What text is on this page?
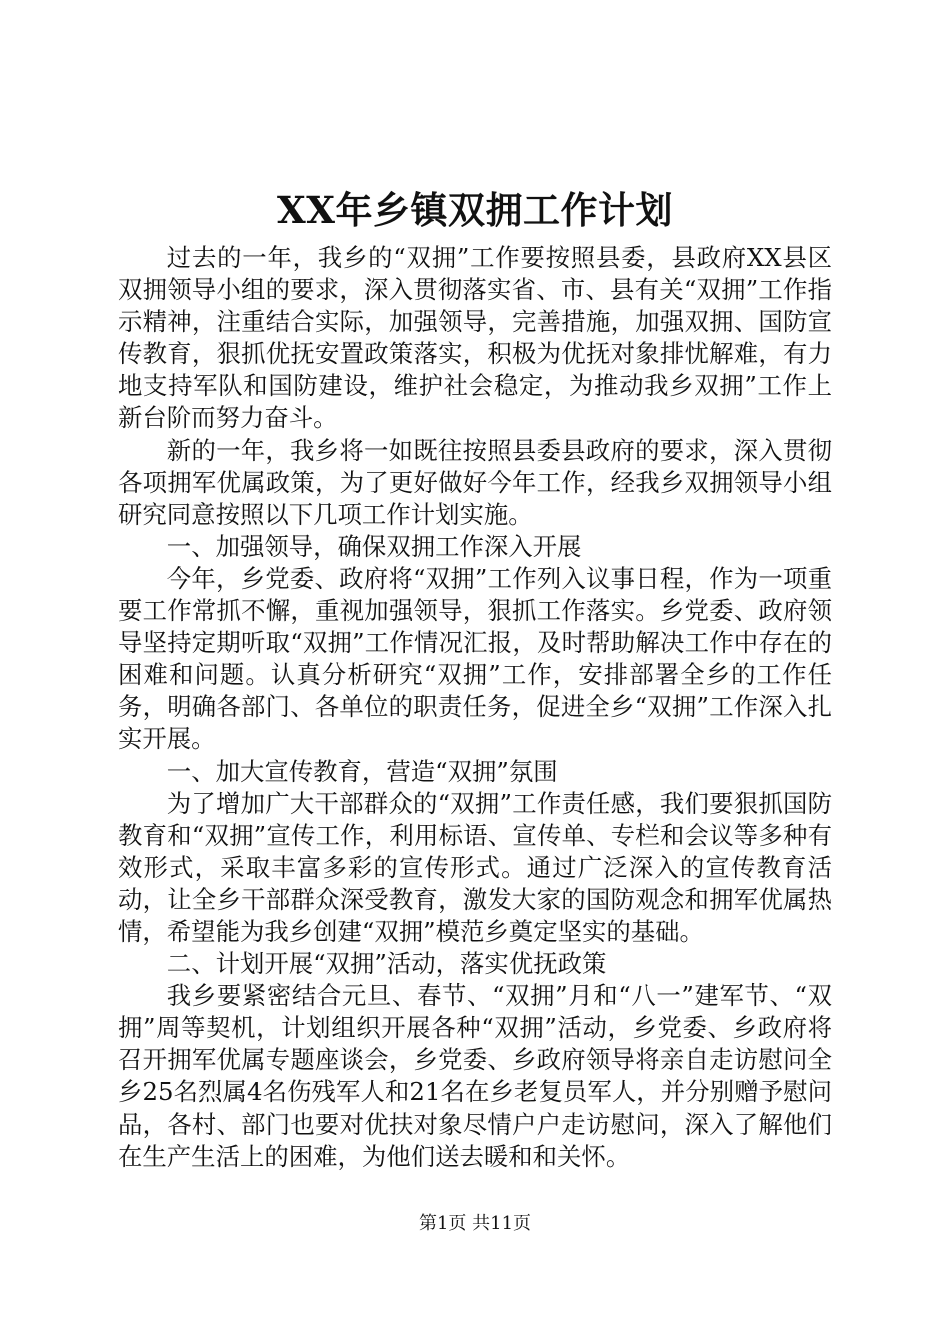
XX年乡镇双拥工作计划

过去的一年，我乡的“双拥”工作要按照县委，县政府XX县区双拥领导小组的要求，深入贯彻落实省、市、县有关“双拥”工作指示精神，注重结合实际，加强领导，完善措施，加强双拥、国防宣传教育，狠抓优抚安置政策落实，积极为优抚对象排忧解难，有力地支持军队和国防建设，维护社会稳定，为推动我乡双拥”工作上新台阶而努力奋斗。

新的一年，我乡将一如既往按照县委县政府的要求，深入贯彻各项拥军优属政策，为了更好做好今年工作，经我乡双拥领导小组研究同意按照以下几项工作计划实施。

一、加强领导，确保双拥工作深入开展

今年，乡党委、政府将“双拥”工作列入议事日程，作为一项重要工作常抓不懈，重视加强领导，狠抓工作落实。乡党委、政府领导坚持定期听取“双拥”工作情况汇报，及时帮助解决工作中存在的困难和问题。认真分析研究“双拥”工作，安排部署全乡的工作任务，明确各部门、各单位的职责任务，促进全乡“双拥”工作深入扎实开展。

一、加大宣传教育，营造“双拥”氛围

为了增加广大干部群众的“双拥”工作责任感，我们要狠抓国防教育和“双拥”宣传工作，利用标语、宣传单、专栏和会议等多种有效形式，采取丰富多彩的宣传形式。通过广泛深入的宣传教育活动，让全乡干部群众深受教育，激发大家的国防观念和拥军优属热情，希望能为我乡创建“双拥”模范乡奠定坚实的基础。

二、计划开展“双拥”活动，落实优抚政策

我乡要紧密结合元旦、春节、“双拥”月和“八一”建军节、“双拥”周等契机，计划组织开展各种“双拥”活动，乡党委、乡政府将召开拥军优属专题座谈会，乡党委、乡政府领导将亲自走访慰问全乡25名烈属4名伤残军人和21名在乡老复员军人，并分别赠予慰问品，各村、部门也要对优扶对象尽情户户走访慰问，深入了解他们在生产生活上的困难，为他们送去暖和和关怀。

第1页 共11页
